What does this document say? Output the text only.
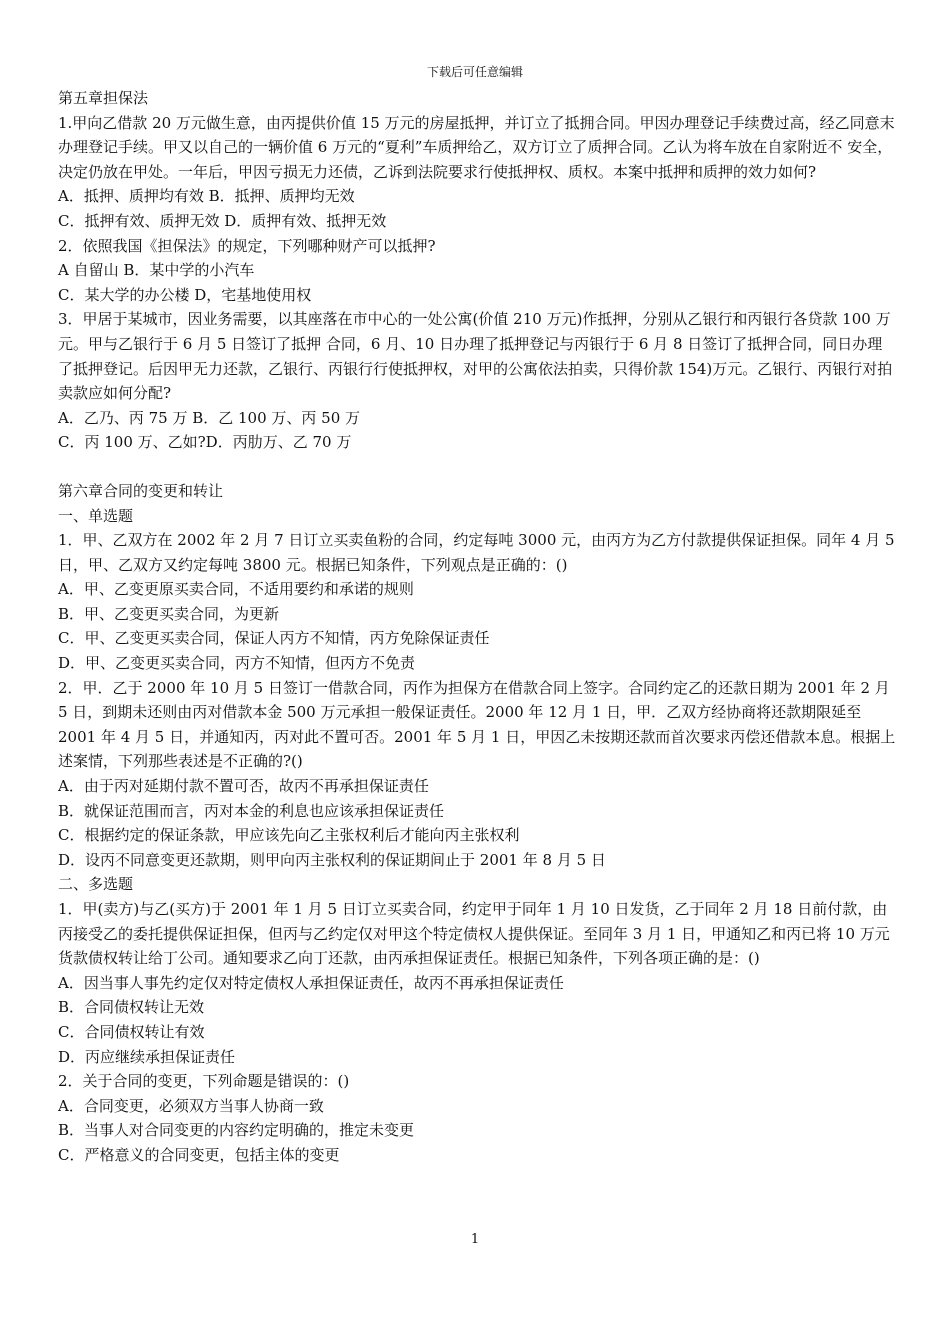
下载后可任意编辑

第五章担保法

1.甲向乙借款 20 万元做生意，由丙提供价值 15 万元的房屋抵押，并订立了抵拥合同。甲因办理登记手续费过高，经乙同意末办理登记手续。甲又以自己的一辆价值 6 万元的“夏利”车质押给乙，双方订立了质押合同。乙认为将车放在自家附近不 安全，决定仍放在甲处。一年后，甲因亏损无力还债，乙诉到法院要求行使抵押权、质权。本案中抵押和质押的效力如何?

A．抵押、质押均有效 B．抵押、质押均无效

C．抵押有效、质押无效 D．质押有效、抵押无效

2．依照我国《担保法》的规定，下列哪种财产可以抵押?

A 自留山 B．某中学的小汽车

C．某大学的办公楼 D，宅基地使用权

3．甲居于某城市，因业务需要，以其座落在市中心的一处公寓(价值 210 万元)作抵押，分别从乙银行和丙银行各贷款 100 万元。甲与乙银行于 6 月 5 日签订了抵押 合同，6 月、10 日办理了抵押登记与丙银行于 6 月 8 日签订了抵押合同，同日办理了抵押登记。后因甲无力还款，乙银行、丙银行行使抵押权，对甲的公寓依法拍卖，只得价款 154)万元。乙银行、丙银行对拍卖款应如何分配?

A．乙乃、丙 75 万 B．乙 100 万、丙 50 万

C．丙 100 万、乙如?D．丙肋万、乙 70 万

第六章合同的变更和转让

一、单选题

1．甲、乙双方在 2002 年 2 月 7 日订立买卖鱼粉的合同，约定每吨 3000 元，由丙方为乙方付款提供保证担保。同年 4 月 5 日，甲、乙双方又约定每吨 3800 元。根据已知条件，下列观点是正确的：()

A．甲、乙变更原买卖合同，不适用要约和承诺的规则

B．甲、乙变更买卖合同，为更新

C．甲、乙变更买卖合同，保证人丙方不知情，丙方免除保证责任

D．甲、乙变更买卖合同，丙方不知情，但丙方不免责

2．甲．乙于 2000 年 10 月 5 日签订一借款合同，丙作为担保方在借款合同上签字。合同约定乙的还款日期为 2001 年 2 月 5 日，到期未还则由丙对借款本金 500 万元承担一般保证责任。2000 年 12 月 1 日，甲．乙双方经协商将还款期限延至 2001 年 4 月 5 日，并通知丙，丙对此不置可否。2001 年 5 月 1 日，甲因乙未按期还款而首次要求丙偿还借款本息。根据上述案情，下列那些表述是不正确的?()

A．由于丙对延期付款不置可否，故丙不再承担保证责任

B．就保证范围而言，丙对本金的利息也应该承担保证责任

C．根据约定的保证条款，甲应该先向乙主张权利后才能向丙主张权利

D．设丙不同意变更还款期，则甲向丙主张权利的保证期间止于 2001 年 8 月 5 日

二、多选题

1．甲(卖方)与乙(买方)于 2001 年 1 月 5 日订立买卖合同，约定甲于同年 1 月 10 日发货，乙于同年 2 月 18 日前付款，由丙接受乙的委托提供保证担保，但丙与乙约定仅对甲这个特定债权人提供保证。至同年 3 月 1 日，甲通知乙和丙已将 10 万元货款债权转让给丁公司。通知要求乙向丁还款，由丙承担保证责任。根据已知条件，下列各项正确的是：()

A．因当事人事先约定仅对特定债权人承担保证责任，故丙不再承担保证责任

B．合同债权转让无效

C．合同债权转让有效

D．丙应继续承担保证责任

2．关于合同的变更，下列命题是错误的：()

A．合同变更，必须双方当事人协商一致

B．当事人对合同变更的内容约定明确的，推定未变更

C．严格意义的合同变更，包括主体的变更

1
